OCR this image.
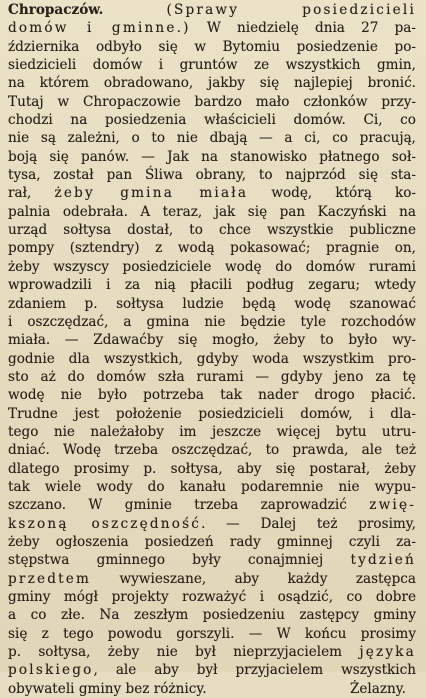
Chropaczów. (Sprawy posiedzicieli
domów i gminne.) W niedzielę dnia 27 pa-
ździernika odbyło się w Bytomiu posiedzenie po-
siedzicieli domów i gruntów ze wszystkich gmin,
na którem obradowano, jakby się najlepiej bronić.
Tutaj w Chropaczowie bardzo mało członków przy-
chodzi na posiedzenia właścicieli domów. Ci, co
nie są zależni, o to nie dbają — a ci, co pracują,
boją się panów. — Jak na stanowisko płatnego soł-
tysa, został pan Śliwa obrany, to najprzód się sta-
rał, żeby gmina miała wodę, którą ko-
palnia odebrała. A teraz, jak się pan Kaczyński na
urząd sołtysa dostał, to chce wszystkie publiczne
pompy (sztendry) z wodą pokasować; pragnie on,
żeby wszyscy posiedziciele wodę do domów rurami
wprowadzili i za nią płacili podług zegaru; wtedy
zdaniem p. sołtysa ludzie będą wodę szanować
i oszczędzać, a gmina nie będzie tyle rozchodów
miała. — Zdawaćby się mogło, żeby to było wy-
godnie dla wszystkich, gdyby woda wszystkim pro-
sto aż do domów szła rurami — gdyby jeno za tę
wodę nie było potrzeba tak nader drogo płacić.
Trudne jest położenie posiedzicieli domów, i dla-
tego nie należałoby im jeszcze więcej bytu utru-
dniać. Wodę trzeba oszczędzać, to prawda, ale też
dlatego prosimy p. sołtysa, aby się postarał, żeby
tak wiele wody do kanału podaremnie nie wypu-
szczano. W gminie trzeba zaprowadzić zwię-
kszoną oszczędność. — Dalej też prosimy,
żeby ogłoszenia posiedzeń rady gminnej czyli za-
stępstwa gminnego były conajmniej tydzień
przedtem wywieszane, aby każdy zastępca
gminy mógł projekty rozważyć i osądzić, co dobre
a co złe. Na zeszłym posiedzeniu zastępcy gminy
się z tego powodu gorszyli. — W końcu prosimy
p. sołtysa, żeby nie był nieprzyjacielem języka
polskiego, ale aby był przyjacielem wszystkich
obywateli gminy bez różnicy.	Żelazny.
